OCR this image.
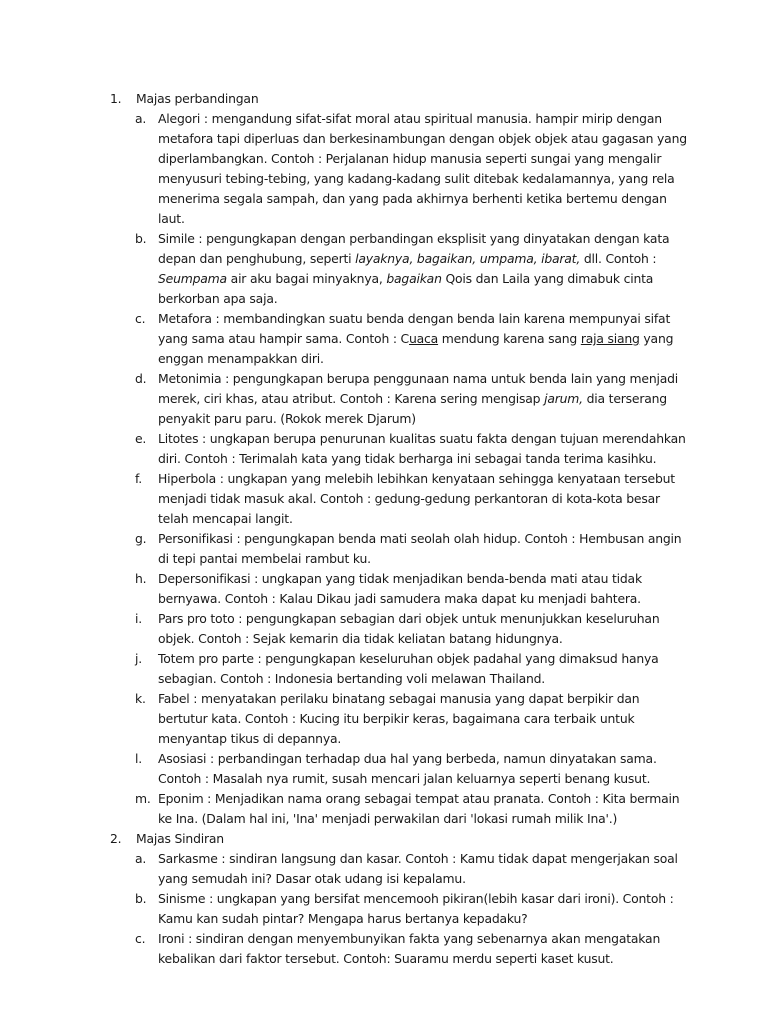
1. Majas perbandingan
a. Alegori : mengandung sifat-sifat moral atau spiritual manusia. hampir mirip dengan metafora tapi diperluas dan berkesinambungan dengan objek objek atau gagasan yang diperlambangkan. Contoh : Perjalanan hidup manusia seperti sungai yang mengalir menyusuri tebing-tebing, yang kadang-kadang sulit ditebak kedalamannya, yang rela menerima segala sampah, dan yang pada akhirnya berhenti ketika bertemu dengan laut.
b. Simile : pengungkapan dengan perbandingan eksplisit yang dinyatakan dengan kata depan dan penghubung, seperti layaknya, bagaikan, umpama, ibarat, dll. Contoh : Seumpama air aku bagai minyaknya, bagaikan Qois dan Laila yang dimabuk cinta berkorban apa saja.
c. Metafora : membandingkan suatu benda dengan benda lain karena mempunyai sifat yang sama atau hampir sama. Contoh : Cuaca mendung karena sang raja siang yang enggan menampakkan diri.
d. Metonimia : pengungkapan berupa penggunaan nama untuk benda lain yang menjadi merek, ciri khas, atau atribut. Contoh : Karena sering mengisap jarum, dia terserang penyakit paru paru. (Rokok merek Djarum)
e. Litotes : ungkapan berupa penurunan kualitas suatu fakta dengan tujuan merendahkan diri. Contoh : Terimalah kata yang tidak berharga ini sebagai tanda terima kasihku.
f. Hiperbola : ungkapan yang melebih lebihkan kenyataan sehingga kenyataan tersebut menjadi tidak masuk akal. Contoh : gedung-gedung perkantoran di kota-kota besar telah mencapai langit.
g. Personifikasi : pengungkapan benda mati seolah olah hidup. Contoh : Hembusan angin di tepi pantai membelai rambut ku.
h. Depersonifikasi : ungkapan yang tidak menjadikan benda-benda mati atau tidak bernyawa. Contoh : Kalau Dikau jadi samudera maka dapat ku menjadi bahtera.
i. Pars pro toto : pengungkapan sebagian dari objek untuk menunjukkan keseluruhan objek. Contoh : Sejak kemarin dia tidak keliatan batang hidungnya.
j. Totem pro parte : pengungkapan keseluruhan objek padahal yang dimaksud hanya sebagian. Contoh : Indonesia bertanding voli melawan Thailand.
k. Fabel : menyatakan perilaku binatang sebagai manusia yang dapat berpikir dan bertutur kata. Contoh : Kucing itu berpikir keras, bagaimana cara terbaik untuk menyantap tikus di depannya.
l. Asosiasi : perbandingan terhadap dua hal yang berbeda, namun dinyatakan sama. Contoh : Masalah nya rumit, susah mencari jalan keluarnya seperti benang kusut.
m. Eponim : Menjadikan nama orang sebagai tempat atau pranata. Contoh : Kita bermain ke Ina. (Dalam hal ini, 'Ina' menjadi perwakilan dari 'lokasi rumah milik Ina'.)
2. Majas Sindiran
a. Sarkasme : sindiran langsung dan kasar. Contoh : Kamu tidak dapat mengerjakan soal yang semudah ini? Dasar otak udang isi kepalamu.
b. Sinisme : ungkapan yang bersifat mencemooh pikiran(lebih kasar dari ironi). Contoh : Kamu kan sudah pintar? Mengapa harus bertanya kepadaku?
c. Ironi : sindiran dengan menyembunyikan fakta yang sebenarnya akan mengatakan kebalikan dari faktor tersebut. Contoh: Suaramu merdu seperti kaset kusut.
